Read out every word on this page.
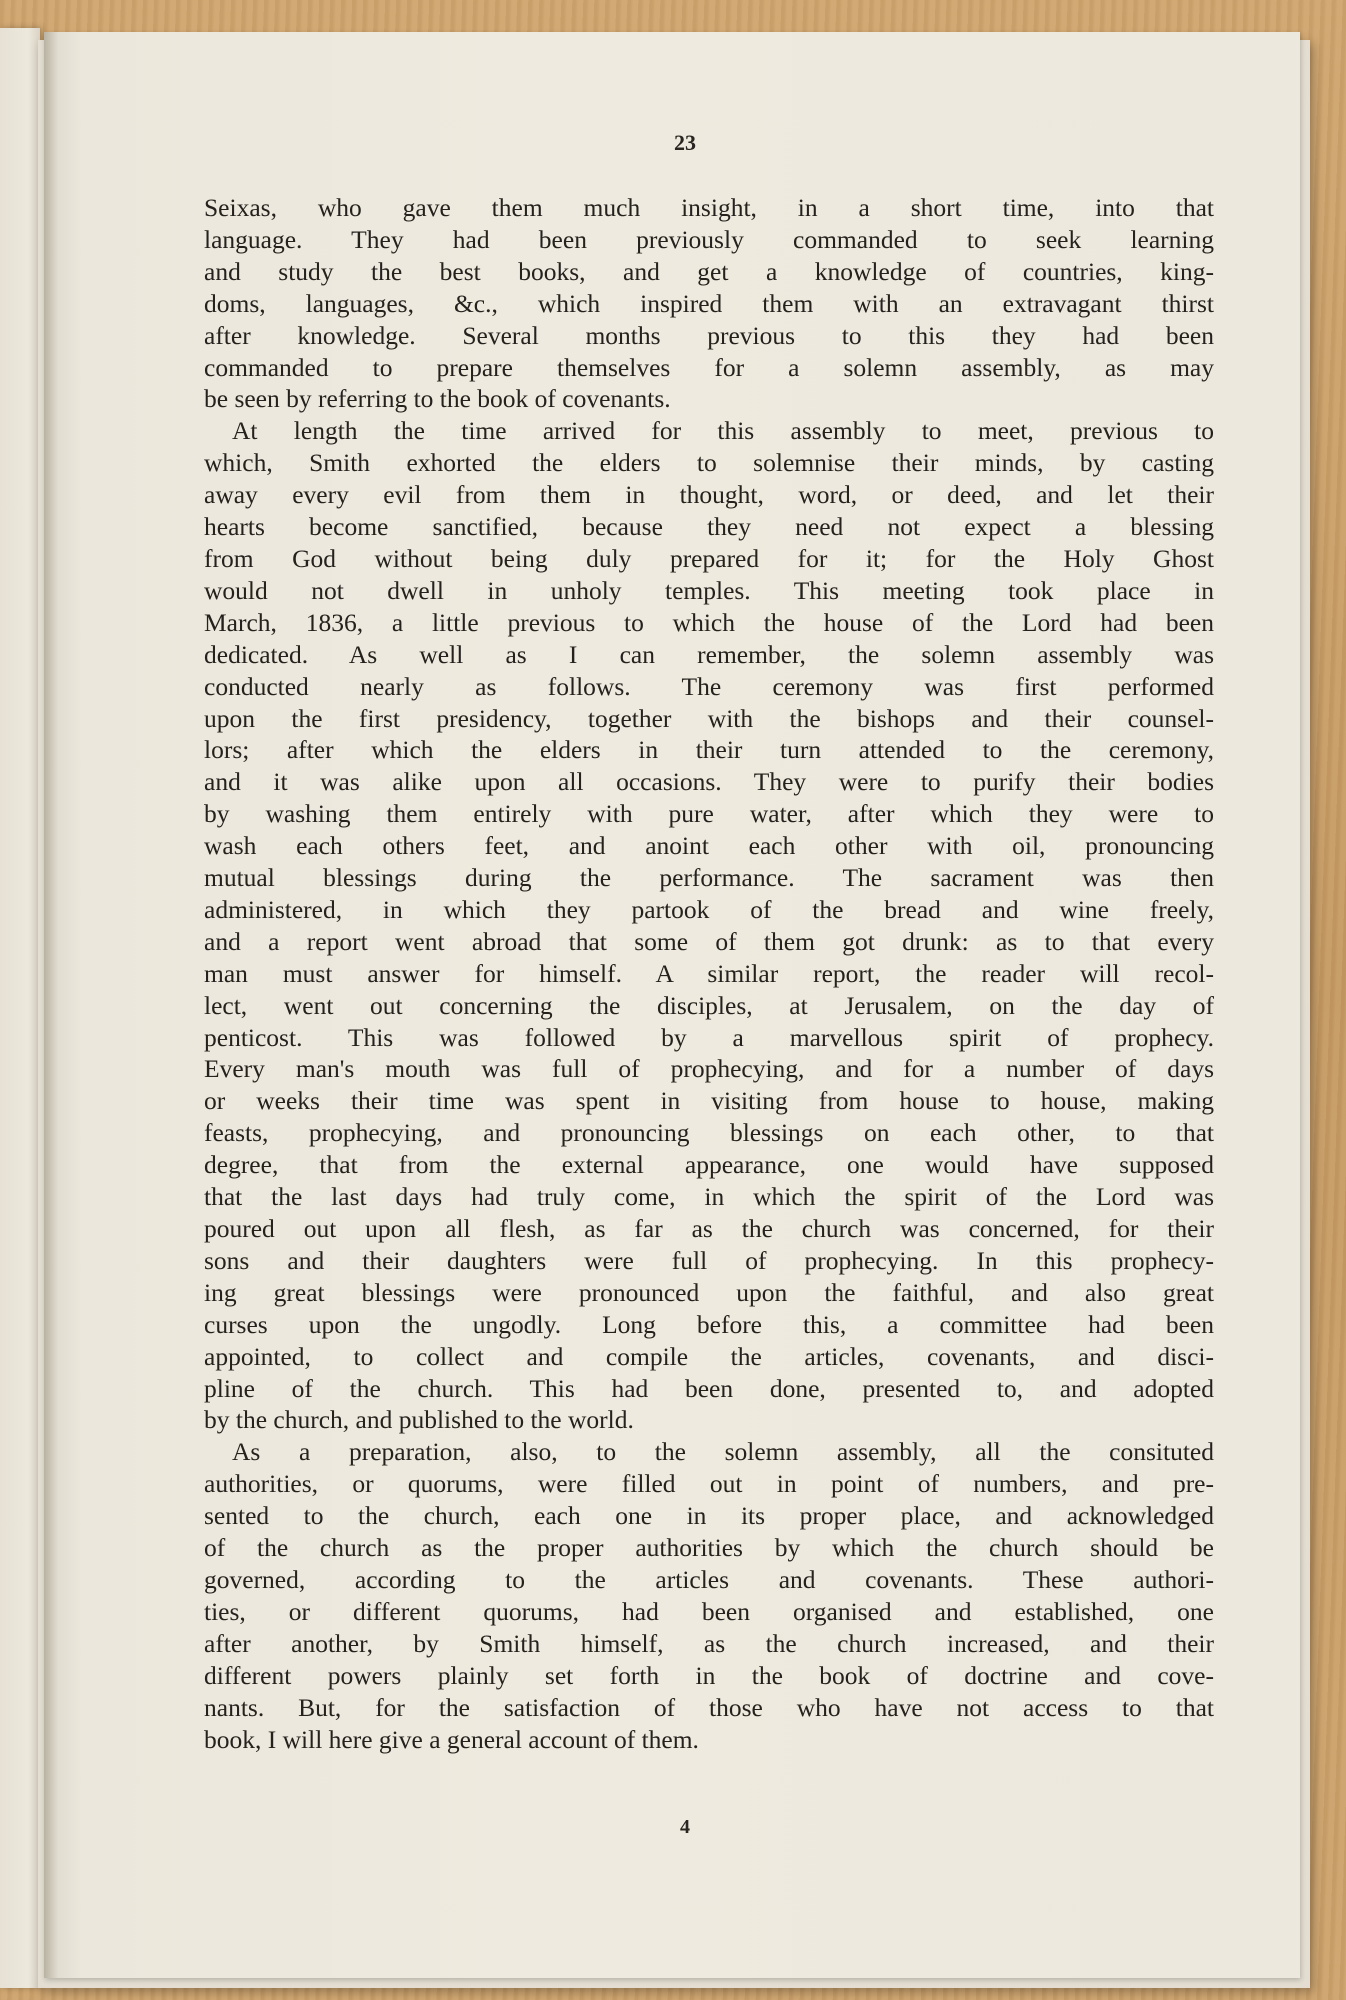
23
Seixas, who gave them much insight, in a short time, into that
language. They had been previously commanded to seek learning
and study the best books, and get a knowledge of countries, king-
doms, languages, &c., which inspired them with an extravagant thirst
after knowledge. Several months previous to this they had been
commanded to prepare themselves for a solemn assembly, as may
be seen by referring to the book of covenants.
At length the time arrived for this assembly to meet, previous to
which, Smith exhorted the elders to solemnise their minds, by casting
away every evil from them in thought, word, or deed, and let their
hearts become sanctified, because they need not expect a blessing
from God without being duly prepared for it; for the Holy Ghost
would not dwell in unholy temples. This meeting took place in
March, 1836, a little previous to which the house of the Lord had been
dedicated. As well as I can remember, the solemn assembly was
conducted nearly as follows. The ceremony was first performed
upon the first presidency, together with the bishops and their counsel-
lors; after which the elders in their turn attended to the ceremony,
and it was alike upon all occasions. They were to purify their bodies
by washing them entirely with pure water, after which they were to
wash each others feet, and anoint each other with oil, pronouncing
mutual blessings during the performance. The sacrament was then
administered, in which they partook of the bread and wine freely,
and a report went abroad that some of them got drunk: as to that every
man must answer for himself. A similar report, the reader will recol-
lect, went out concerning the disciples, at Jerusalem, on the day of
penticost. This was followed by a marvellous spirit of prophecy.
Every man's mouth was full of prophecying, and for a number of days
or weeks their time was spent in visiting from house to house, making
feasts, prophecying, and pronouncing blessings on each other, to that
degree, that from the external appearance, one would have supposed
that the last days had truly come, in which the spirit of the Lord was
poured out upon all flesh, as far as the church was concerned, for their
sons and their daughters were full of prophecying. In this prophecy-
ing great blessings were pronounced upon the faithful, and also great
curses upon the ungodly. Long before this, a committee had been
appointed, to collect and compile the articles, covenants, and disci-
pline of the church. This had been done, presented to, and adopted
by the church, and published to the world.
As a preparation, also, to the solemn assembly, all the consituted
authorities, or quorums, were filled out in point of numbers, and pre-
sented to the church, each one in its proper place, and acknowledged
of the church as the proper authorities by which the church should be
governed, according to the articles and covenants. These authori-
ties, or different quorums, had been organised and established, one
after another, by Smith himself, as the church increased, and their
different powers plainly set forth in the book of doctrine and cove-
nants. But, for the satisfaction of those who have not access to that
book, I will here give a general account of them.
4
